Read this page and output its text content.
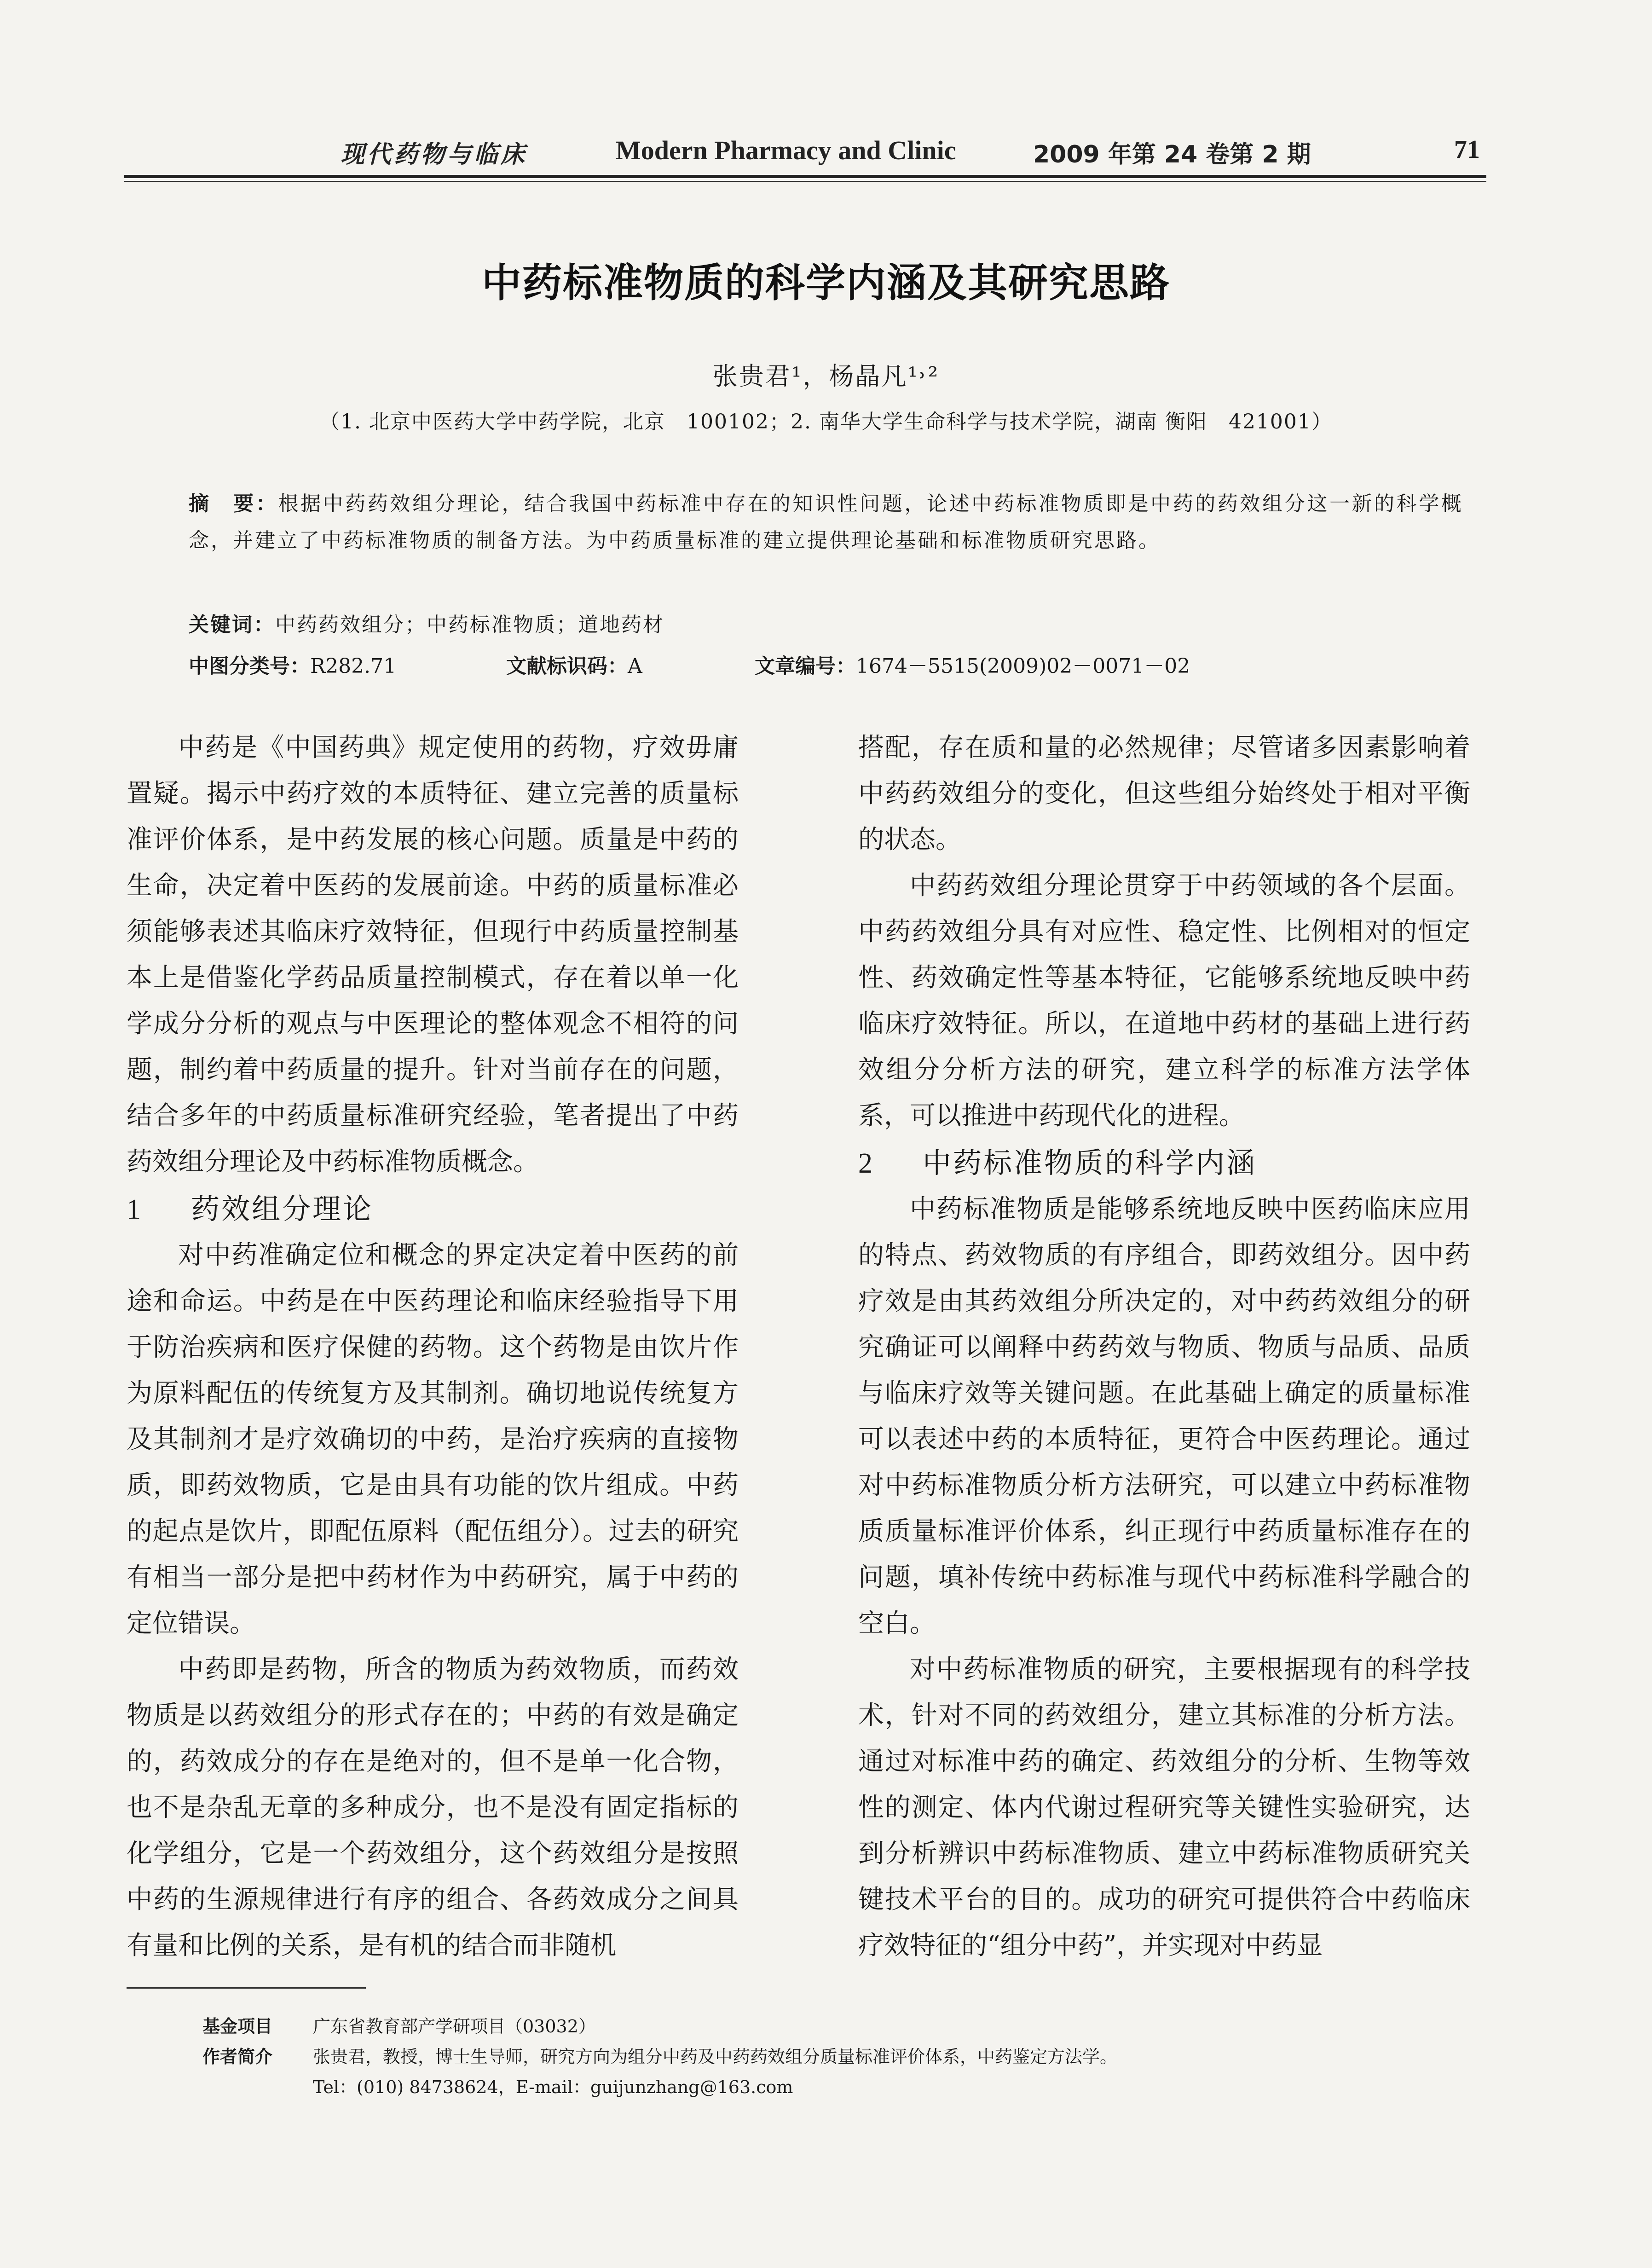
现代药物与临床	Modern Pharmacy and Clinic	2009 年第 24 卷第 2 期	71
中药标准物质的科学内涵及其研究思路
张贵君¹，杨晶凡¹˒²
（1. 北京中医药大学中药学院，北京　100102；2. 南华大学生命科学与技术学院，湖南 衡阳　421001）
摘　要：根据中药药效组分理论，结合我国中药标准中存在的知识性问题，论述中药标准物质即是中药的药效组分这一新的科学概念，并建立了中药标准物质的制备方法。为中药质量标准的建立提供理论基础和标准物质研究思路。
关键词：中药药效组分；中药标准物质；道地药材
中图分类号：R282.71	文献标识码：A	文章编号：1674－5515(2009)02－0071－02

中药是《中国药典》规定使用的药物，疗效毋庸置疑。揭示中药疗效的本质特征、建立完善的质量标准评价体系，是中药发展的核心问题。质量是中药的生命，决定着中医药的发展前途。中药的质量标准必须能够表述其临床疗效特征，但现行中药质量控制基本上是借鉴化学药品质量控制模式，存在着以单一化学成分分析的观点与中医理论的整体观念不相符的问题，制约着中药质量的提升。针对当前存在的问题，结合多年的中药质量标准研究经验，笔者提出了中药药效组分理论及中药标准物质概念。

1 药效组分理论

对中药准确定位和概念的界定决定着中医药的前途和命运。中药是在中医药理论和临床经验指导下用于防治疾病和医疗保健的药物。这个药物是由饮片作为原料配伍的传统复方及其制剂。确切地说传统复方及其制剂才是疗效确切的中药，是治疗疾病的直接物质，即药效物质，它是由具有功能的饮片组成。中药的起点是饮片，即配伍原料（配伍组分）。过去的研究有相当一部分是把中药材作为中药研究，属于中药的定位错误。

中药即是药物，所含的物质为药效物质，而药效物质是以药效组分的形式存在的；中药的有效是确定的，药效成分的存在是绝对的，但不是单一化合物，也不是杂乱无章的多种成分，也不是没有固定指标的化学组分，它是一个药效组分，这个药效组分是按照中药的生源规律进行有序的组合、各药效成分之间具有量和比例的关系，是有机的结合而非随机

搭配，存在质和量的必然规律；尽管诸多因素影响着中药药效组分的变化，但这些组分始终处于相对平衡的状态。

中药药效组分理论贯穿于中药领域的各个层面。中药药效组分具有对应性、稳定性、比例相对的恒定性、药效确定性等基本特征，它能够系统地反映中药临床疗效特征。所以，在道地中药材的基础上进行药效组分分析方法的研究，建立科学的标准方法学体系，可以推进中药现代化的进程。

2 中药标准物质的科学内涵

中药标准物质是能够系统地反映中医药临床应用的特点、药效物质的有序组合，即药效组分。因中药疗效是由其药效组分所决定的，对中药药效组分的研究确证可以阐释中药药效与物质、物质与品质、品质与临床疗效等关键问题。在此基础上确定的质量标准可以表述中药的本质特征，更符合中医药理论。通过对中药标准物质分析方法研究，可以建立中药标准物质质量标准评价体系，纠正现行中药质量标准存在的问题，填补传统中药标准与现代中药标准科学融合的空白。

对中药标准物质的研究，主要根据现有的科学技术，针对不同的药效组分，建立其标准的分析方法。通过对标准中药的确定、药效组分的分析、生物等效性的测定、体内代谢过程研究等关键性实验研究，达到分析辨识中药标准物质、建立中药标准物质研究关键技术平台的目的。成功的研究可提供符合中药临床疗效特征的“组分中药”，并实现对中药显

基金项目 广东省教育部产学研项目（03032）
作者简介 张贵君，教授，博士生导师，研究方向为组分中药及中药药效组分质量标准评价体系，中药鉴定方法学。
Tel：(010) 84738624，E-mail：guijunzhang@163.com
